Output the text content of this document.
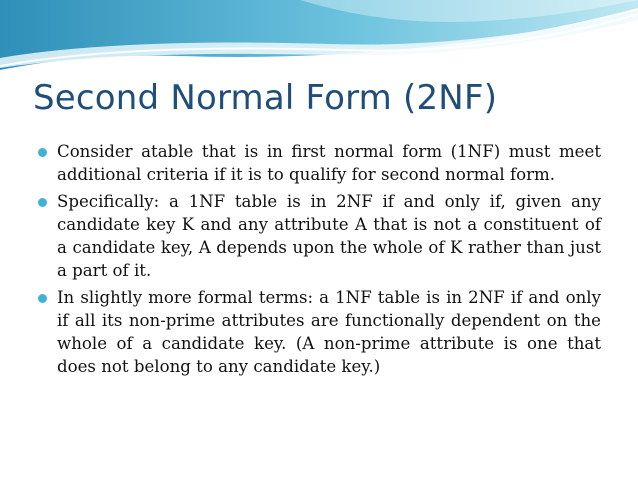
Second Normal Form (2NF)
Consider atable that is in first normal form (1NF) must meet additional criteria if it is to qualify for second normal form.
Specifically: a 1NF table is in 2NF if and only if, given any candidate key K and any attribute A that is not a constituent of a candidate key, A depends upon the whole of K rather than just a part of it.
In slightly more formal terms: a 1NF table is in 2NF if and only if all its non-prime attributes are functionally dependent on the whole of a candidate key. (A non-prime attribute is one that does not belong to any candidate key.)
